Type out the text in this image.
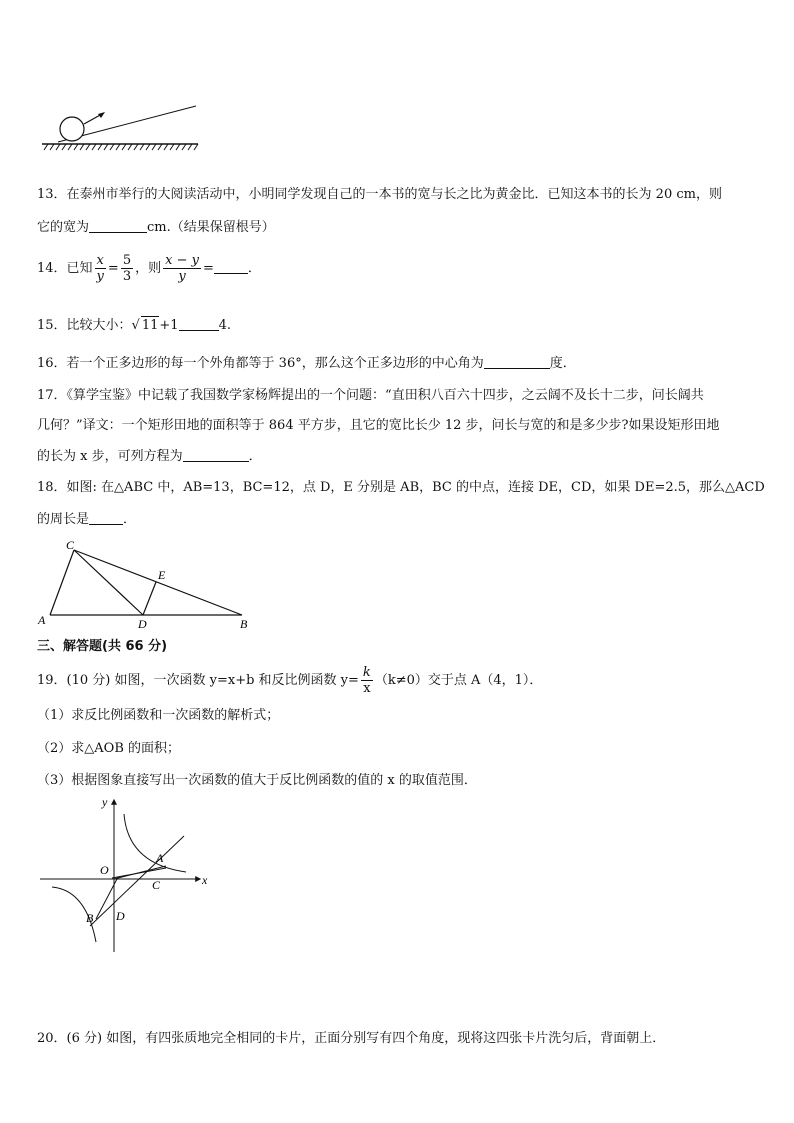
13．在泰州市举行的大阅读活动中，小明同学发现自己的一本书的宽与长之比为黄金比．已知这本书的长为 20 cm，则
它的宽为	cm.（结果保留根号）
14．已知 $\frac{x}{y} = \frac{5}{3}$ ，则 $\frac{x - y}{y}$ =	．
15．比较大小：√ 11+1	4.
16．若一个正多边形的每一个外角都等于 36°，那么这个正多边形的中心角为	度．
17．《算学宝鉴》中记载了我国数学家杨辉提出的一个问题：“直田积八百六十四步，之云阔不及长十二步，问长阔共
几何？”译文：一个矩形田地的面积等于 864 平方步，且它的宽比长少 12 步，问长与宽的和是多少步?如果设矩形田地
的长为 x 步，可列方程为	．
18．如图: 在△ABC 中，AB=13，BC=12，点 D，E 分别是 AB，BC 的中点，连接 DE，CD，如果 DE=2.5，那么△ACD
的周长是	．
C
E
A	D	B
三、解答题(共 66 分)
19．(10 分) 如图，一次函数 y=x+b 和反比例函数 $y= \frac{k}{x} (k\ne 0)$交于点 A（4，1）．
（1）求反比例函数和一次函数的解析式；
（2）求△AOB 的面积；
（3）根据图象直接写出一次函数的值大于反比例函数的值的 x 的取值范围．
y
x
O
A
C
B D
20．(6 分) 如图，有四张质地完全相同的卡片，正面分别写有四个角度，现将这四张卡片洗匀后，背面朝上．
